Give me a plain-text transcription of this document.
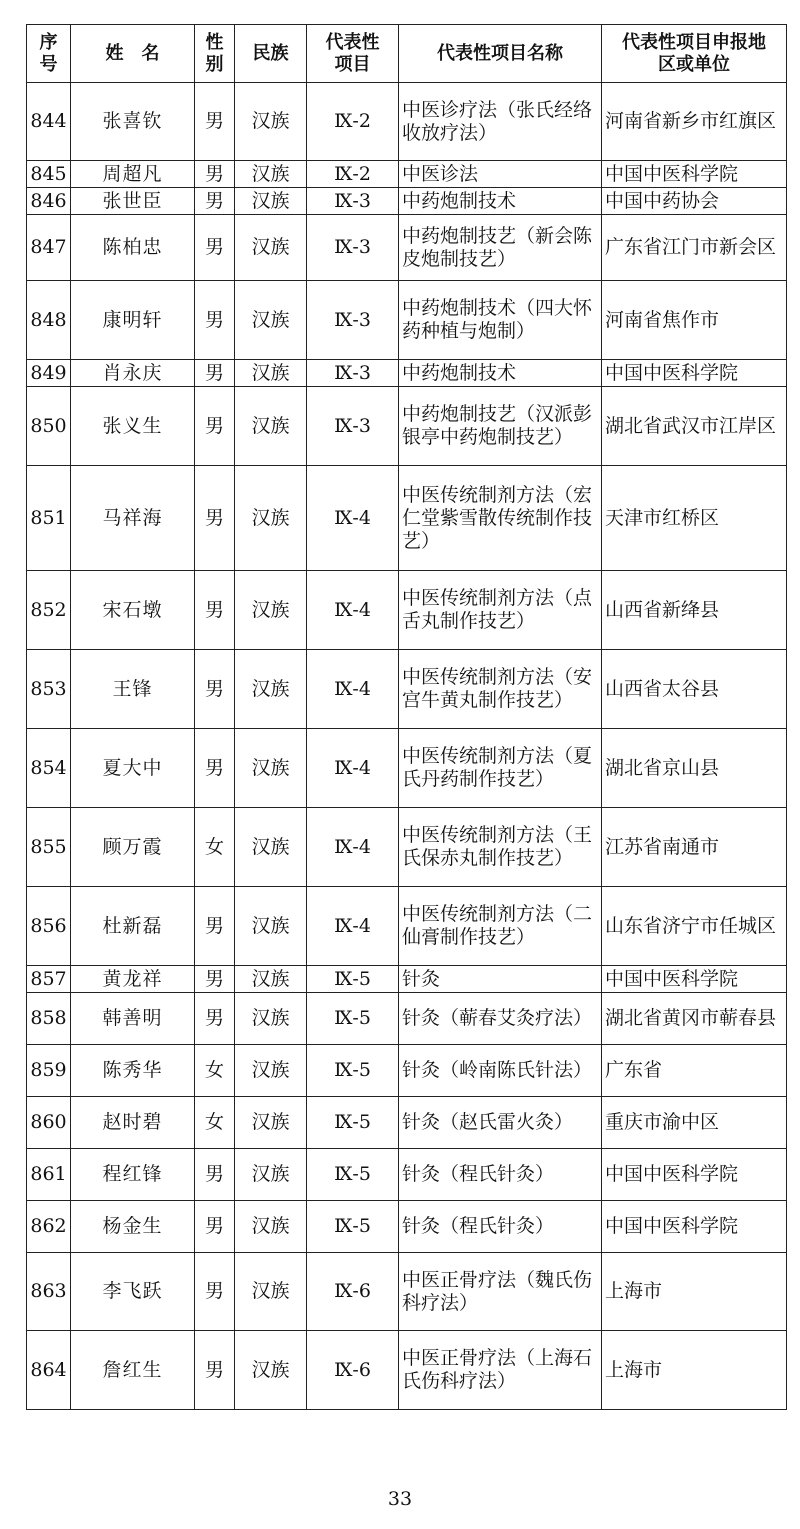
序号	姓　名	性别	民族	代表性项目	代表性项目名称	代表性项目申报地区或单位
844	张喜钦	男	汉族	Ⅸ-2	中医诊疗法（张氏经络收放疗法）	河南省新乡市红旗区
845	周超凡	男	汉族	Ⅸ-2	中医诊法	中国中医科学院
846	张世臣	男	汉族	Ⅸ-3	中药炮制技术	中国中药协会
847	陈柏忠	男	汉族	Ⅸ-3	中药炮制技艺（新会陈皮炮制技艺）	广东省江门市新会区
848	康明轩	男	汉族	Ⅸ-3	中药炮制技术（四大怀药种植与炮制）	河南省焦作市
849	肖永庆	男	汉族	Ⅸ-3	中药炮制技术	中国中医科学院
850	张义生	男	汉族	Ⅸ-3	中药炮制技艺（汉派彭银亭中药炮制技艺）	湖北省武汉市江岸区
851	马祥海	男	汉族	Ⅸ-4	中医传统制剂方法（宏仁堂紫雪散传统制作技艺）	天津市红桥区
852	宋石墩	男	汉族	Ⅸ-4	中医传统制剂方法（点舌丸制作技艺）	山西省新绛县
853	王锋	男	汉族	Ⅸ-4	中医传统制剂方法（安宫牛黄丸制作技艺）	山西省太谷县
854	夏大中	男	汉族	Ⅸ-4	中医传统制剂方法（夏氏丹药制作技艺）	湖北省京山县
855	顾万霞	女	汉族	Ⅸ-4	中医传统制剂方法（王氏保赤丸制作技艺）	江苏省南通市
856	杜新磊	男	汉族	Ⅸ-4	中医传统制剂方法（二仙膏制作技艺）	山东省济宁市任城区
857	黄龙祥	男	汉族	Ⅸ-5	针灸	中国中医科学院
858	韩善明	男	汉族	Ⅸ-5	针灸（蕲春艾灸疗法）	湖北省黄冈市蕲春县
859	陈秀华	女	汉族	Ⅸ-5	针灸（岭南陈氏针法）	广东省
860	赵时碧	女	汉族	Ⅸ-5	针灸（赵氏雷火灸）	重庆市渝中区
861	程红锋	男	汉族	Ⅸ-5	针灸（程氏针灸）	中国中医科学院
862	杨金生	男	汉族	Ⅸ-5	针灸（程氏针灸）	中国中医科学院
863	李飞跃	男	汉族	Ⅸ-6	中医正骨疗法（魏氏伤科疗法）	上海市
864	詹红生	男	汉族	Ⅸ-6	中医正骨疗法（上海石氏伤科疗法）	上海市
33
